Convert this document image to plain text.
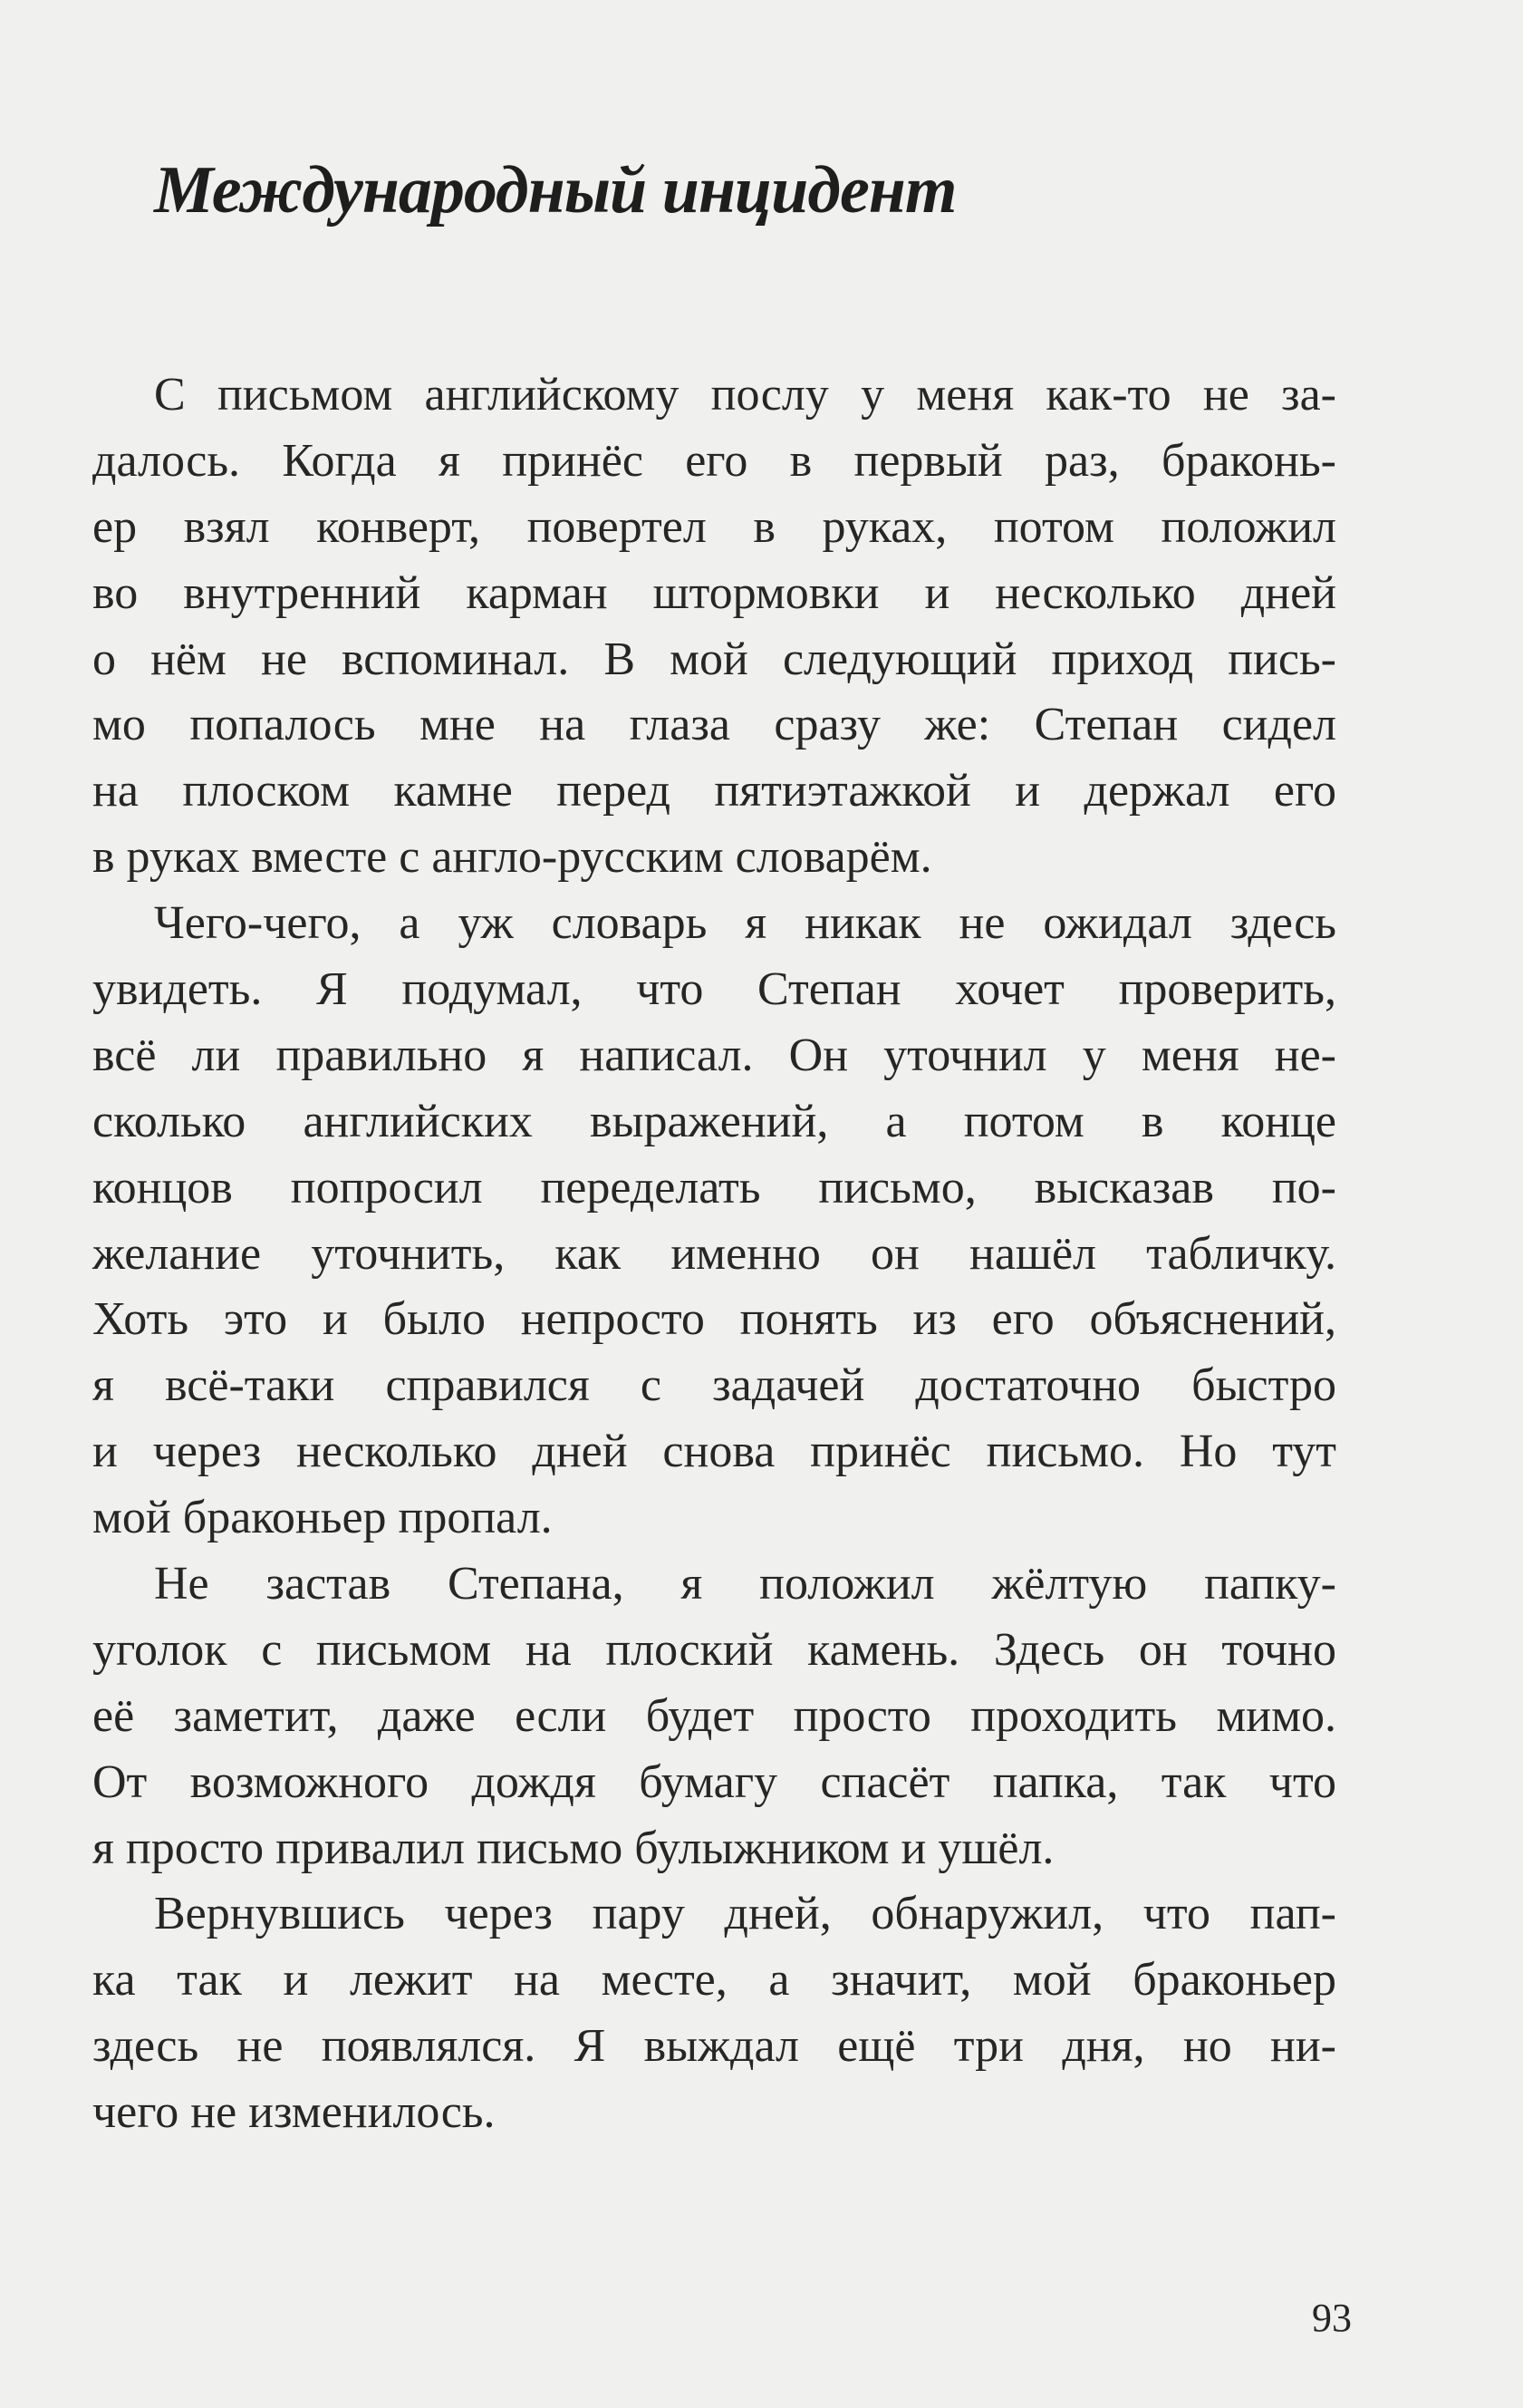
Международный инцидент
С письмом английскому послу у меня как-то не за-
далось. Когда я принёс его в первый раз, браконь-
ер взял конверт, повертел в руках, потом положил
во внутренний карман штормовки и несколько дней
о нём не вспоминал. В мой следующий приход пись-
мо попалось мне на глаза сразу же: Степан сидел
на плоском камне перед пятиэтажкой и держал его
в руках вместе с англо-русским словарём.
Чего-чего, а уж словарь я никак не ожидал здесь
увидеть. Я подумал, что Степан хочет проверить,
всё ли правильно я написал. Он уточнил у меня не-
сколько английских выражений, а потом в конце
концов попросил переделать письмо, высказав по-
желание уточнить, как именно он нашёл табличку.
Хоть это и было непросто понять из его объяснений,
я всё-таки справился с задачей достаточно быстро
и через несколько дней снова принёс письмо. Но тут
мой браконьер пропал.
Не застав Степана, я положил жёлтую папку-
уголок с письмом на плоский камень. Здесь он точно
её заметит, даже если будет просто проходить мимо.
От возможного дождя бумагу спасёт папка, так что
я просто привалил письмо булыжником и ушёл.
Вернувшись через пару дней, обнаружил, что пап-
ка так и лежит на месте, а значит, мой браконьер
здесь не появлялся. Я выждал ещё три дня, но ни-
чего не изменилось.
93
